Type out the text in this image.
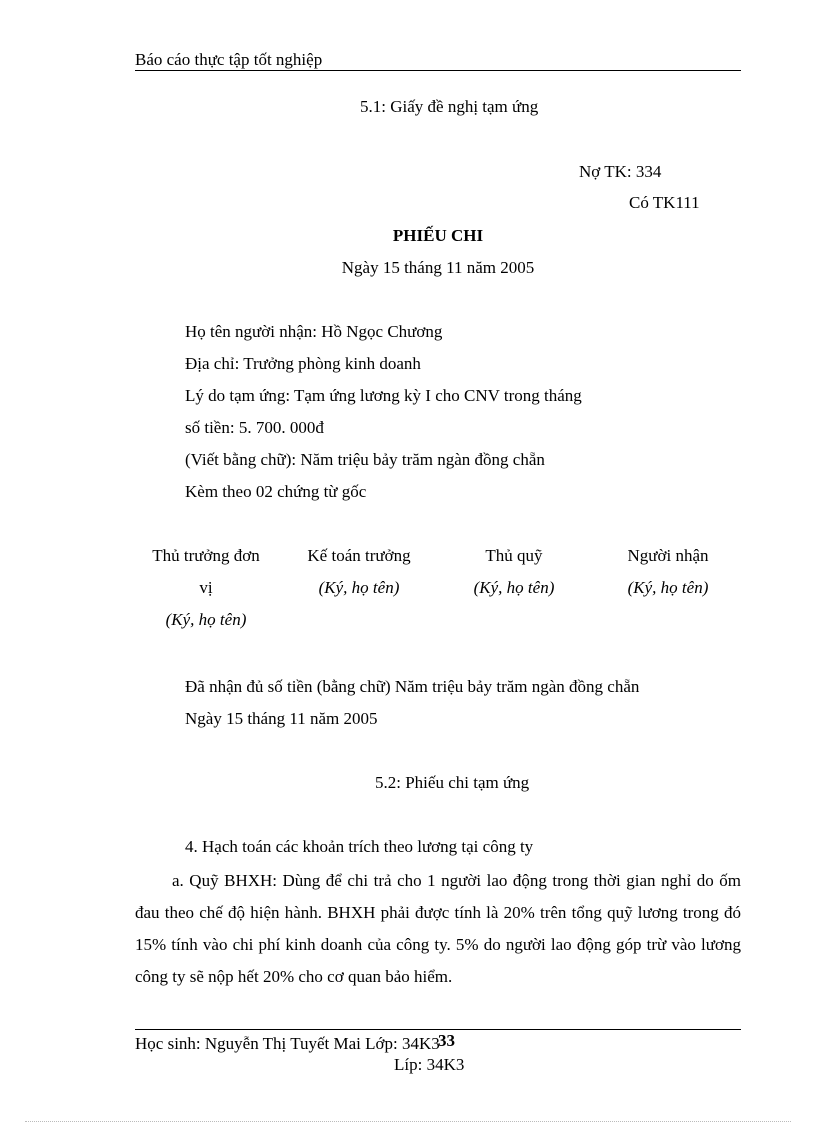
Báo cáo thực tập tốt nghiệp
5.1: Giấy đề nghị tạm ứng
Nợ TK: 334
Có TK111
PHIẾU CHI
Ngày 15 tháng 11 năm 2005
Họ tên người nhận: Hồ Ngọc Chương
Địa chỉ: Trưởng phòng kinh doanh
Lý do tạm ứng: Tạm ứng lương kỳ I cho CNV trong tháng
số tiền: 5. 700. 000đ
(Viết bằng chữ): Năm triệu bảy trăm ngàn đồng chẵn
Kèm theo 02 chứng từ gốc
Thủ trưởng đơn
vị
(Ký, họ tên)
Kế toán trưởng
(Ký, họ tên)
Thủ quỹ
(Ký, họ tên)
Người nhận
(Ký, họ tên)
Đã nhận đủ số tiền (bằng chữ) Năm triệu bảy trăm ngàn đồng chẵn
Ngày 15 tháng 11 năm 2005
5.2: Phiếu chi tạm ứng
4. Hạch toán các khoản trích theo lương tại công ty
a. Quỹ BHXH: Dùng để chi trả cho 1 người lao động trong thời gian nghỉ do ốm đau theo chế độ hiện hành. BHXH phải được tính là 20% trên tổng quỹ lương trong đó 15% tính vào chi phí kinh doanh của công ty. 5% do người lao động góp trừ vào lương công ty sẽ nộp hết 20% cho cơ quan bảo hiểm.
Học sinh: Nguyễn Thị Tuyết Mai Lớp: 34K3
33
Líp: 34K3
